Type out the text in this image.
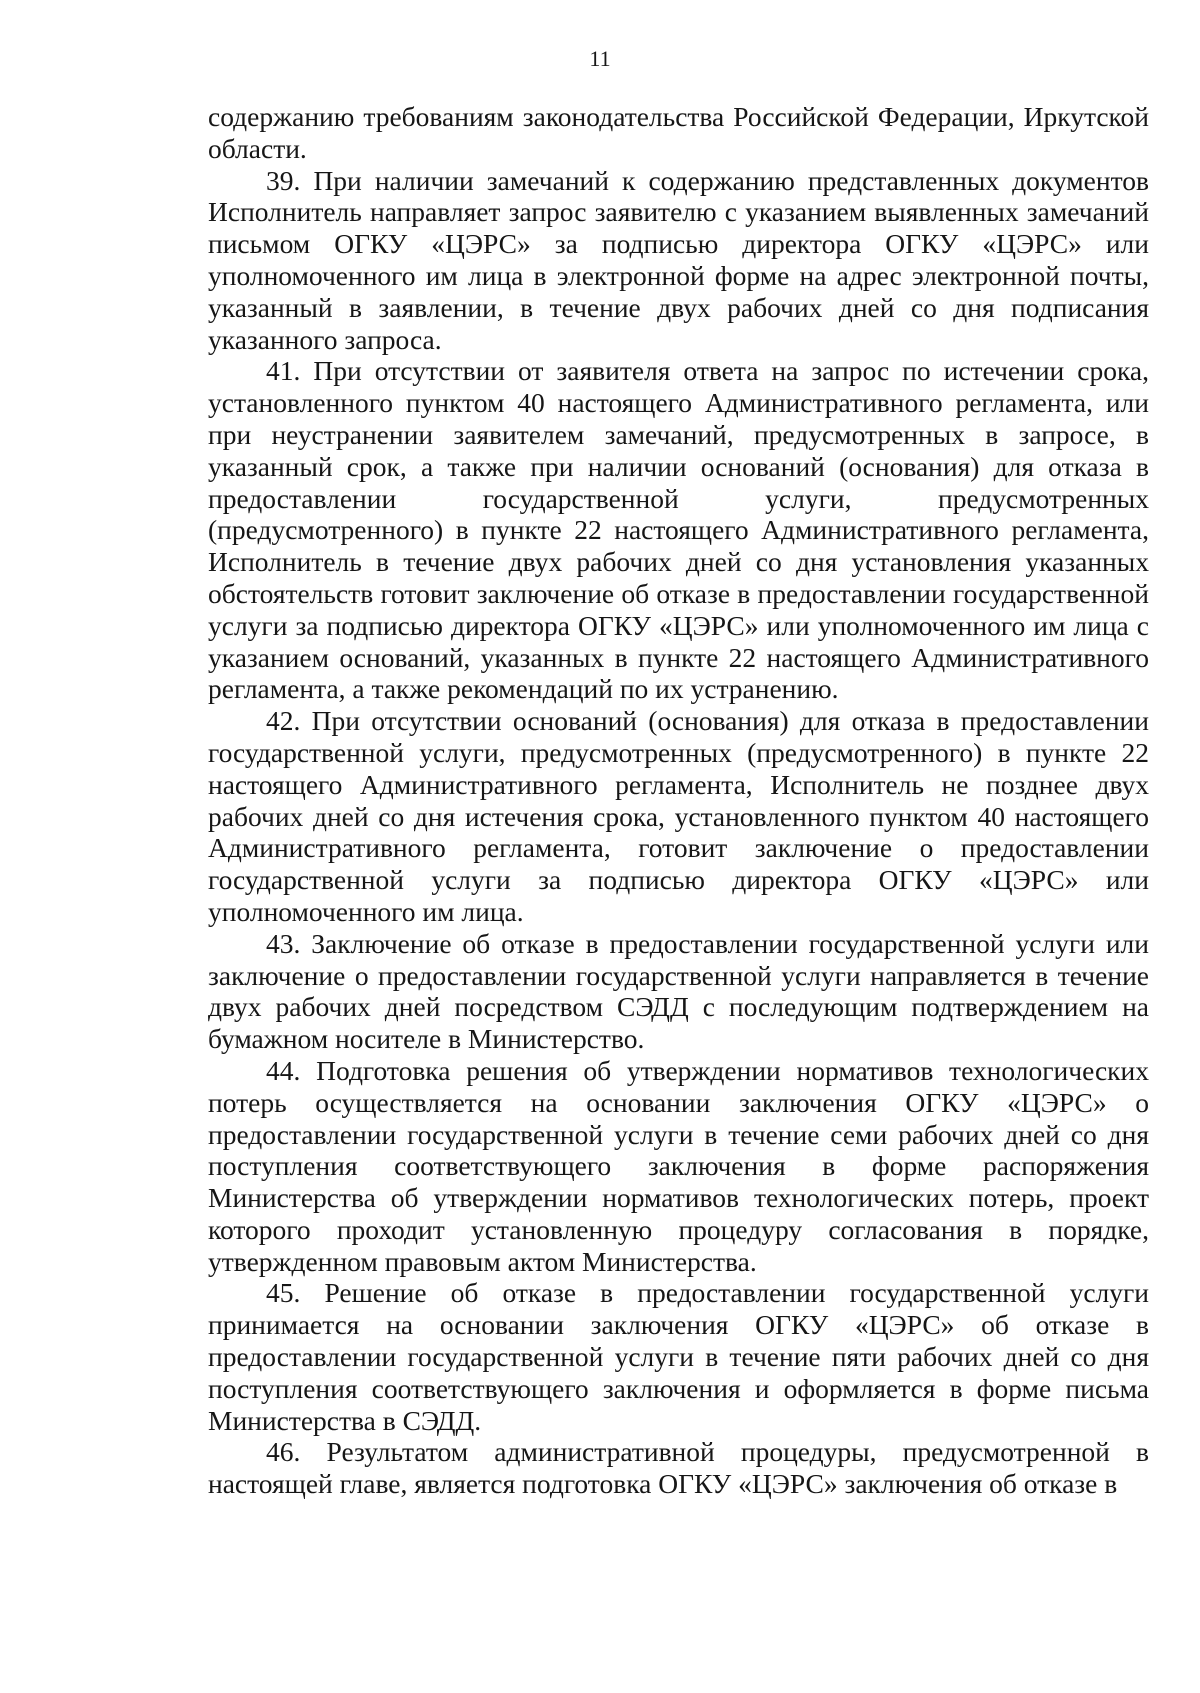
11

содержанию требованиям законодательства Российской Федерации, Иркутской области.

39. При наличии замечаний к содержанию представленных документов Исполнитель направляет запрос заявителю с указанием выявленных замечаний письмом ОГКУ «ЦЭРС» за подписью директора ОГКУ «ЦЭРС» или уполномоченного им лица в электронной форме на адрес электронной почты, указанный в заявлении, в течение двух рабочих дней со дня подписания указанного запроса.

41. При отсутствии от заявителя ответа на запрос по истечении срока, установленного пунктом 40 настоящего Административного регламента, или при неустранении заявителем замечаний, предусмотренных в запросе, в указанный срок, а также при наличии оснований (основания) для отказа в предоставлении государственной услуги, предусмотренных (предусмотренного) в пункте 22 настоящего Административного регламента, Исполнитель в течение двух рабочих дней со дня установления указанных обстоятельств готовит заключение об отказе в предоставлении государственной услуги за подписью директора ОГКУ «ЦЭРС» или уполномоченного им лица с указанием оснований, указанных в пункте 22 настоящего Административного регламента, а также рекомендаций по их устранению.

42. При отсутствии оснований (основания) для отказа в предоставлении государственной услуги, предусмотренных (предусмотренного) в пункте 22 настоящего Административного регламента, Исполнитель не позднее двух рабочих дней со дня истечения срока, установленного пунктом 40 настоящего Административного регламента, готовит заключение о предоставлении государственной услуги за подписью директора ОГКУ «ЦЭРС» или уполномоченного им лица.

43. Заключение об отказе в предоставлении государственной услуги или заключение о предоставлении государственной услуги направляется в течение двух рабочих дней посредством СЭДД с последующим подтверждением на бумажном носителе в Министерство.

44. Подготовка решения об утверждении нормативов технологических потерь осуществляется на основании заключения ОГКУ «ЦЭРС» о предоставлении государственной услуги в течение семи рабочих дней со дня поступления соответствующего заключения в форме распоряжения Министерства об утверждении нормативов технологических потерь, проект которого проходит установленную процедуру согласования в порядке, утвержденном правовым актом Министерства.

45. Решение об отказе в предоставлении государственной услуги принимается на основании заключения ОГКУ «ЦЭРС» об отказе в предоставлении государственной услуги в течение пяти рабочих дней со дня поступления соответствующего заключения и оформляется в форме письма Министерства в СЭДД.

46. Результатом административной процедуры, предусмотренной в настоящей главе, является подготовка ОГКУ «ЦЭРС» заключения об отказе в
